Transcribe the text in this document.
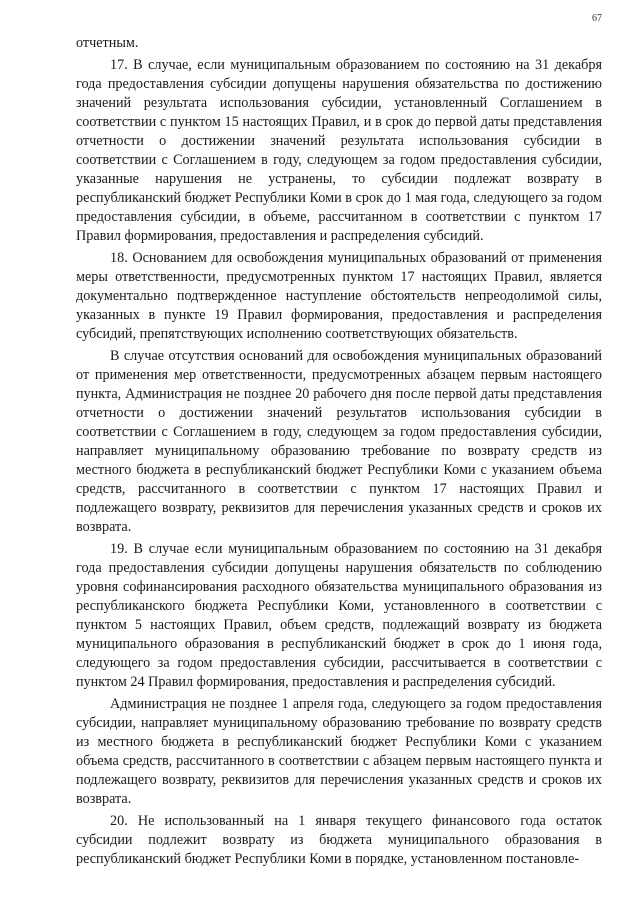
67

отчетным.

17. В случае, если муниципальным образованием по состоянию на 31 декабря года предоставления субсидии допущены нарушения обязательства по достижению значений результата использования субсидии, установленный Соглашением в соответствии с пунктом 15 настоящих Правил, и в срок до первой даты представления отчетности о достижении значений результата использования субсидии в соответствии с Соглашением в году, следующем за годом предоставления субсидии, указанные нарушения не устранены, то субсидии подлежат возврату в республиканский бюджет Республики Коми в срок до 1 мая года, следующего за годом предоставления субсидии, в объеме, рассчитанном в соответствии с пунктом 17 Правил формирования, предоставления и распределения субсидий.

18. Основанием для освобождения муниципальных образований от применения меры ответственности, предусмотренных пунктом 17 настоящих Правил, является документально подтвержденное наступление обстоятельств непреодолимой силы, указанных в пункте 19 Правил формирования, предоставления и распределения субсидий, препятствующих исполнению соответствующих обязательств.

В случае отсутствия оснований для освобождения муниципальных образований от применения мер ответственности, предусмотренных абзацем первым настоящего пункта, Администрация не позднее 20 рабочего дня после первой даты представления отчетности о достижении значений результатов использования субсидии в соответствии с Соглашением в году, следующем за годом предоставления субсидии, направляет муниципальному образованию требование по возврату средств из местного бюджета в республиканский бюджет Республики Коми с указанием объема средств, рассчитанного в соответствии с пунктом 17 настоящих Правил и подлежащего возврату, реквизитов для перечисления указанных средств и сроков их возврата.

19. В случае если муниципальным образованием по состоянию на 31 декабря года предоставления субсидии допущены нарушения обязательств по соблюдению уровня софинансирования расходного обязательства муниципального образования из республиканского бюджета Республики Коми, установленного в соответствии с пунктом 5 настоящих Правил, объем средств, подлежащий возврату из бюджета муниципального образования в республиканский бюджет в срок до 1 июня года, следующего за годом предоставления субсидии, рассчитывается в соответствии с пунктом 24 Правил формирования, предоставления и распределения субсидий.

Администрация не позднее 1 апреля года, следующего за годом предоставления субсидии, направляет муниципальному образованию требование по возврату средств из местного бюджета в республиканский бюджет Республики Коми с указанием объема средств, рассчитанного в соответствии с абзацем первым настоящего пункта и подлежащего возврату, реквизитов для перечисления указанных средств и сроков их возврата.

20. Не использованный на 1 января текущего финансового года остаток субсидии подлежит возврату из бюджета муниципального образования в республиканский бюджет Республики Коми в порядке, установленном постановле-
